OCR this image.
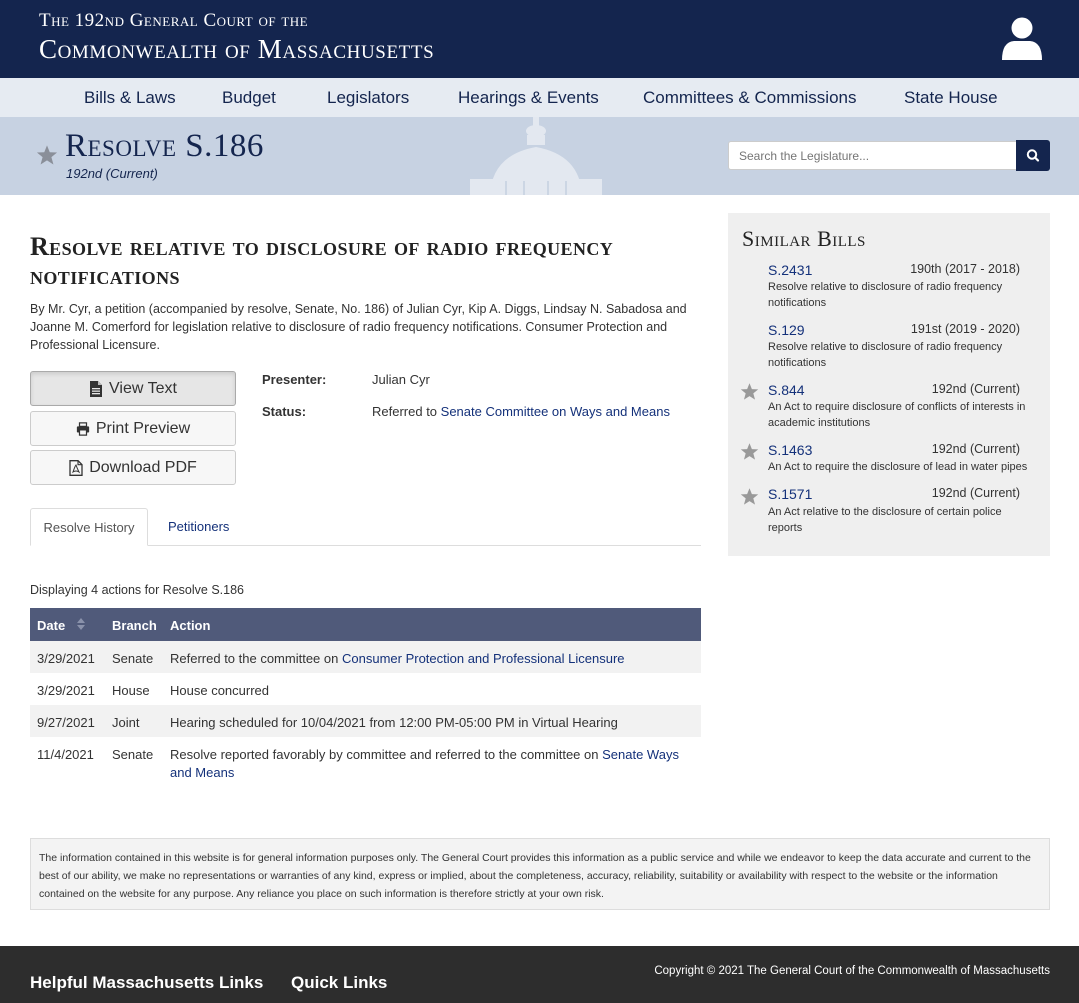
The 192nd General Court of the
Commonwealth of Massachusetts
Bills & Laws	Budget	Legislators	Hearings & Events	Committees & Commissions	State House
Resolve S.186
192nd (Current)
Search the Legislature...
Resolve relative to disclosure of radio frequency notifications

By Mr. Cyr, a petition (accompanied by resolve, Senate, No. 186) of Julian Cyr, Kip A. Diggs, Lindsay N. Sabadosa and Joanne M. Comerford for legislation relative to disclosure of radio frequency notifications. Consumer Protection and Professional Licensure.

View Text
Print Preview
Download PDF
Presenter:	Julian Cyr
Status:	Referred to Senate Committee on Ways and Means
Resolve History	Petitioners
Displaying 4 actions for Resolve S.186
Date	Branch Action
3/29/2021 Senate Referred to the committee on Consumer Protection and Professional Licensure
3/29/2021 House House concurred
9/27/2021 Joint Hearing scheduled for 10/04/2021 from 12:00 PM-05:00 PM in Virtual Hearing
11/4/2021 Senate Resolve reported favorably by committee and referred to the committee on Senate Ways and Means
Similar Bills
S.2431	190th (2017 - 2018)
Resolve relative to disclosure of radio frequency notifications
S.129	191st (2019 - 2020)
Resolve relative to disclosure of radio frequency notifications
S.844	192nd (Current)
An Act to require disclosure of conflicts of interests in academic institutions
S.1463	192nd (Current)
An Act to require the disclosure of lead in water pipes
S.1571	192nd (Current)
An Act relative to the disclosure of certain police reports
The information contained in this website is for general information purposes only. The General Court provides this information as a public service and while we endeavor to keep the data accurate and current to the best of our ability, we make no representations or warranties of any kind, express or implied, about the completeness, accuracy, reliability, suitability or availability with respect to the website or the information contained on the website for any purpose. Any reliance you place on such information is therefore strictly at your own risk.
Helpful Massachusetts Links Quick Links
Copyright © 2021 The General Court of the Commonwealth of Massachusetts
